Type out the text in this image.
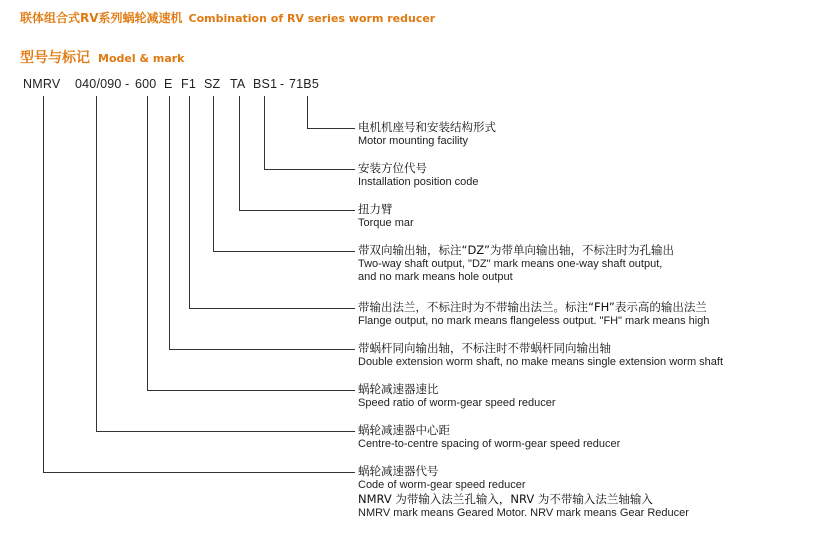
联体组合式RV系列蜗轮减速机 Combination of RV series worm reducer
型号与标记 Model & mark
NMRV 040/090 - 600 E F1 SZ TA BS1 - 71B5
电机机座号和安装结构形式
Motor mounting facility
安装方位代号
Installation position code
扭力臂
Torque mar
带双向输出轴，标注“DZ”为带单向输出轴，不标注时为孔输出
Two-way shaft output, "DZ" mark means one-way shaft output,
and no mark means hole output
带输出法兰，不标注时为不带输出法兰。标注“FH”表示高的输出法兰
Flange output, no mark means flangeless output. "FH" mark means high
带蜗杆同向输出轴，不标注时不带蜗杆同向输出轴
Double extension worm shaft, no make means single extension worm shaft
蜗轮减速器速比
Speed ratio of worm-gear speed reducer
蜗轮减速器中心距
Centre-to-centre spacing of worm-gear speed reducer
蜗轮减速器代号
Code of worm-gear speed reducer
NMRV 为带输入法兰孔输入，NRV 为不带输入法兰轴输入
NMRV mark means Geared Motor. NRV mark means Gear Reducer
